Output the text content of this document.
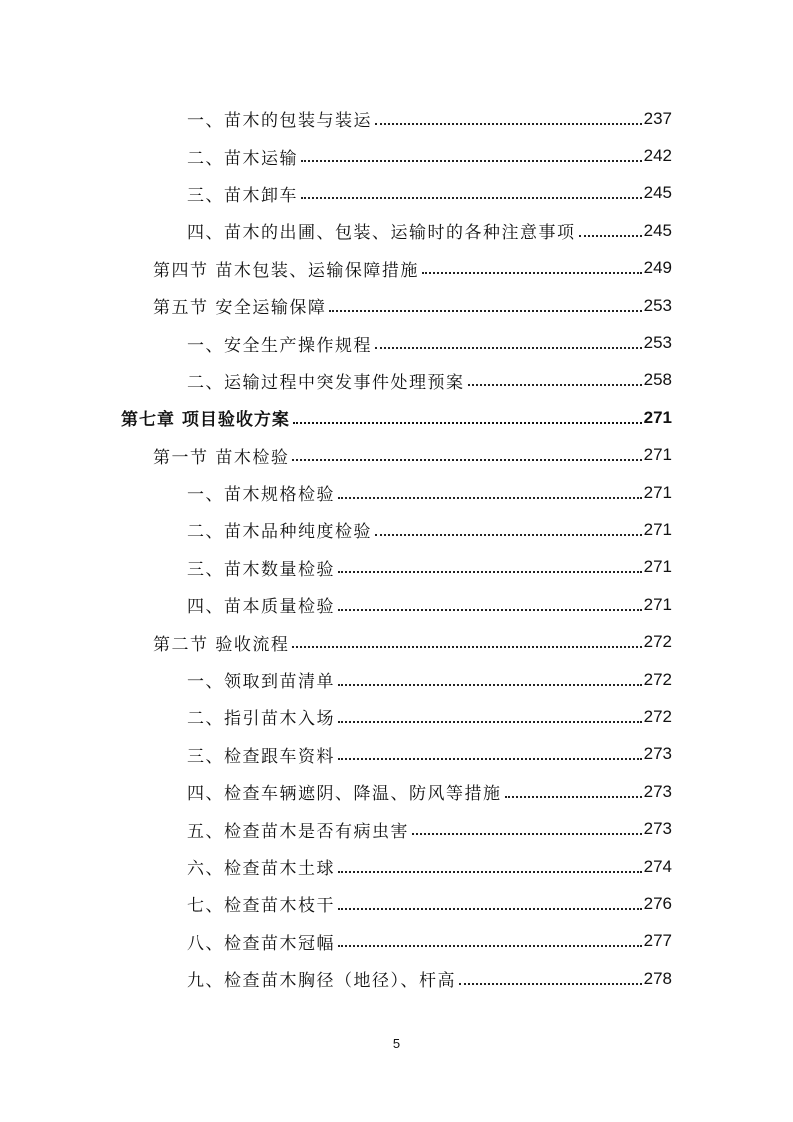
一、苗木的包装与装运	237
二、苗木运输	242
三、苗木卸车	245
四、苗木的出圃、包装、运输时的各种注意事项	245
第四节 苗木包装、运输保障措施	249
第五节 安全运输保障	253
一、安全生产操作规程	253
二、运输过程中突发事件处理预案	258
第七章 项目验收方案	271
第一节 苗木检验	271
一、苗木规格检验	271
二、苗木品种纯度检验	271
三、苗木数量检验	271
四、苗本质量检验	271
第二节 验收流程	272
一、领取到苗清单	272
二、指引苗木入场	272
三、检查跟车资料	273
四、检查车辆遮阴、降温、防风等措施	273
五、检查苗木是否有病虫害	273
六、检查苗木土球	274
七、检查苗木枝干	276
八、检查苗木冠幅	277
九、检查苗木胸径（地径）、杆高	278
5
